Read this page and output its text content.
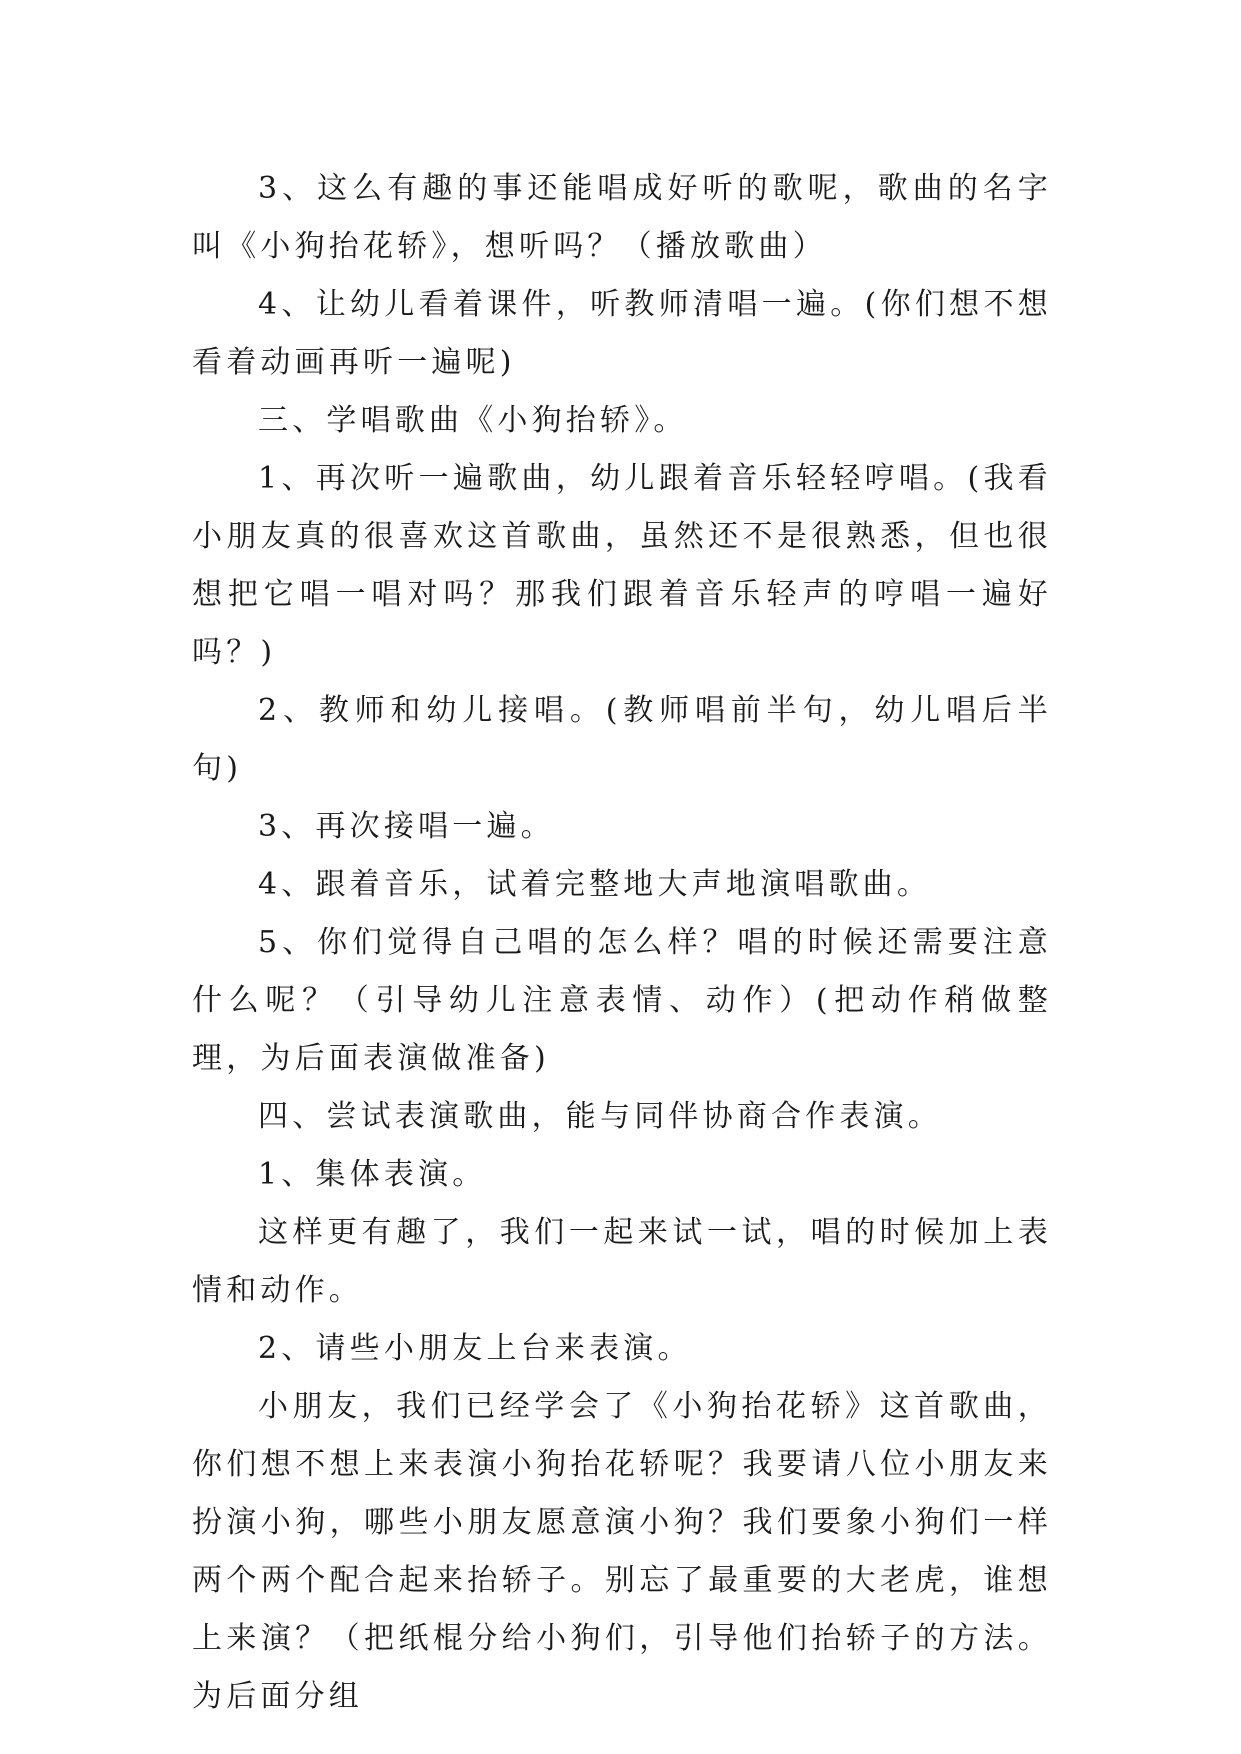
3、这么有趣的事还能唱成好听的歌呢，歌曲的名字叫《小狗抬花轿》，想听吗？（播放歌曲）

4、让幼儿看着课件，听教师清唱一遍。(你们想不想看着动画再听一遍呢)

三、学唱歌曲《小狗抬轿》。

1、再次听一遍歌曲，幼儿跟着音乐轻轻哼唱。(我看小朋友真的很喜欢这首歌曲，虽然还不是很熟悉，但也很想把它唱一唱对吗？那我们跟着音乐轻声的哼唱一遍好吗？)

2、教师和幼儿接唱。(教师唱前半句，幼儿唱后半句)

3、再次接唱一遍。

4、跟着音乐，试着完整地大声地演唱歌曲。

5、你们觉得自己唱的怎么样？唱的时候还需要注意什么呢？（引导幼儿注意表情、动作）(把动作稍做整理，为后面表演做准备)

四、尝试表演歌曲，能与同伴协商合作表演。

1、集体表演。

这样更有趣了，我们一起来试一试，唱的时候加上表情和动作。

2、请些小朋友上台来表演。

小朋友，我们已经学会了《小狗抬花轿》这首歌曲，你们想不想上来表演小狗抬花轿呢？我要请八位小朋友来扮演小狗，哪些小朋友愿意演小狗？我们要象小狗们一样两个两个配合起来抬轿子。别忘了最重要的大老虎，谁想上来演？（把纸棍分给小狗们，引导他们抬轿子的方法。为后面分组
